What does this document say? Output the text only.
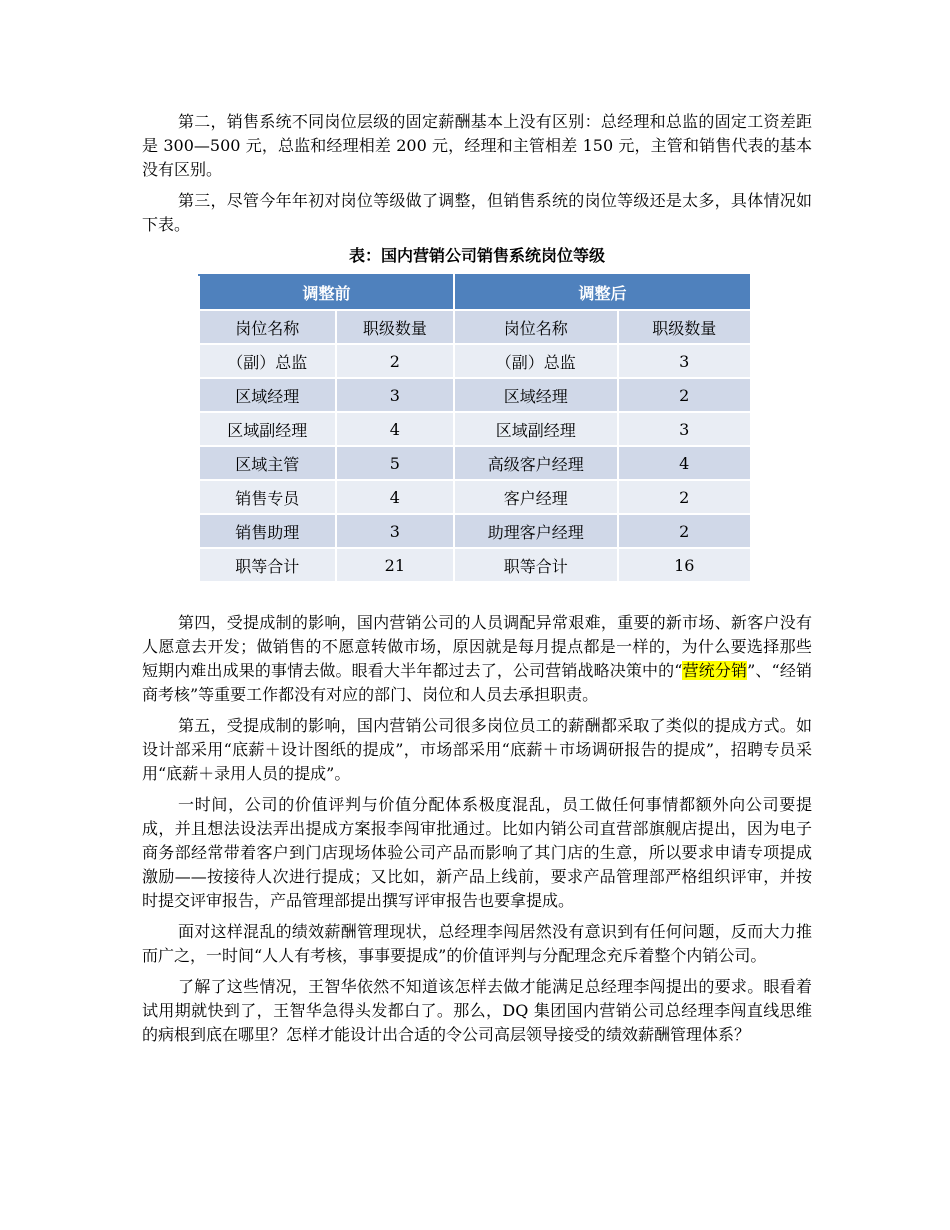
第二，销售系统不同岗位层级的固定薪酬基本上没有区别：总经理和总监的固定工资差距是 300—500 元，总监和经理相差 200 元，经理和主管相差 150 元，主管和销售代表的基本没有区别。

第三，尽管今年年初对岗位等级做了调整，但销售系统的岗位等级还是太多，具体情况如下表。

表：国内营销公司销售系统岗位等级
调整前		调整后	
岗位名称	职级数量	岗位名称	职级数量
（副）总监	2	（副）总监	3
区域经理	3	区域经理	2
区域副经理	4	区域副经理	3
区域主管	5	高级客户经理	4
销售专员	4	客户经理	2
销售助理	3	助理客户经理	2
职等合计	21	职等合计	16

第四，受提成制的影响，国内营销公司的人员调配异常艰难，重要的新市场、新客户没有人愿意去开发；做销售的不愿意转做市场，原因就是每月提点都是一样的，为什么要选择那些短期内难出成果的事情去做。眼看大半年都过去了，公司营销战略决策中的“营统分销”、“经销商考核”等重要工作都没有对应的部门、岗位和人员去承担职责。

第五，受提成制的影响，国内营销公司很多岗位员工的薪酬都采取了类似的提成方式。如设计部采用“底薪＋设计图纸的提成”，市场部采用“底薪＋市场调研报告的提成”，招聘专员采用“底薪＋录用人员的提成”。

一时间，公司的价值评判与价值分配体系极度混乱，员工做任何事情都额外向公司要提成，并且想法设法弄出提成方案报李闯审批通过。比如内销公司直营部旗舰店提出，因为电子商务部经常带着客户到门店现场体验公司产品而影响了其门店的生意，所以要求申请专项提成激励——按接待人次进行提成；又比如，新产品上线前，要求产品管理部严格组织评审，并按时提交评审报告，产品管理部提出撰写评审报告也要拿提成。

面对这样混乱的绩效薪酬管理现状，总经理李闯居然没有意识到有任何问题，反而大力推而广之，一时间“人人有考核，事事要提成”的价值评判与分配理念充斥着整个内销公司。

了解了这些情况，王智华依然不知道该怎样去做才能满足总经理李闯提出的要求。眼看着试用期就快到了，王智华急得头发都白了。那么，DQ 集团国内营销公司总经理李闯直线思维的病根到底在哪里？怎样才能设计出合适的令公司高层领导接受的绩效薪酬管理体系？
